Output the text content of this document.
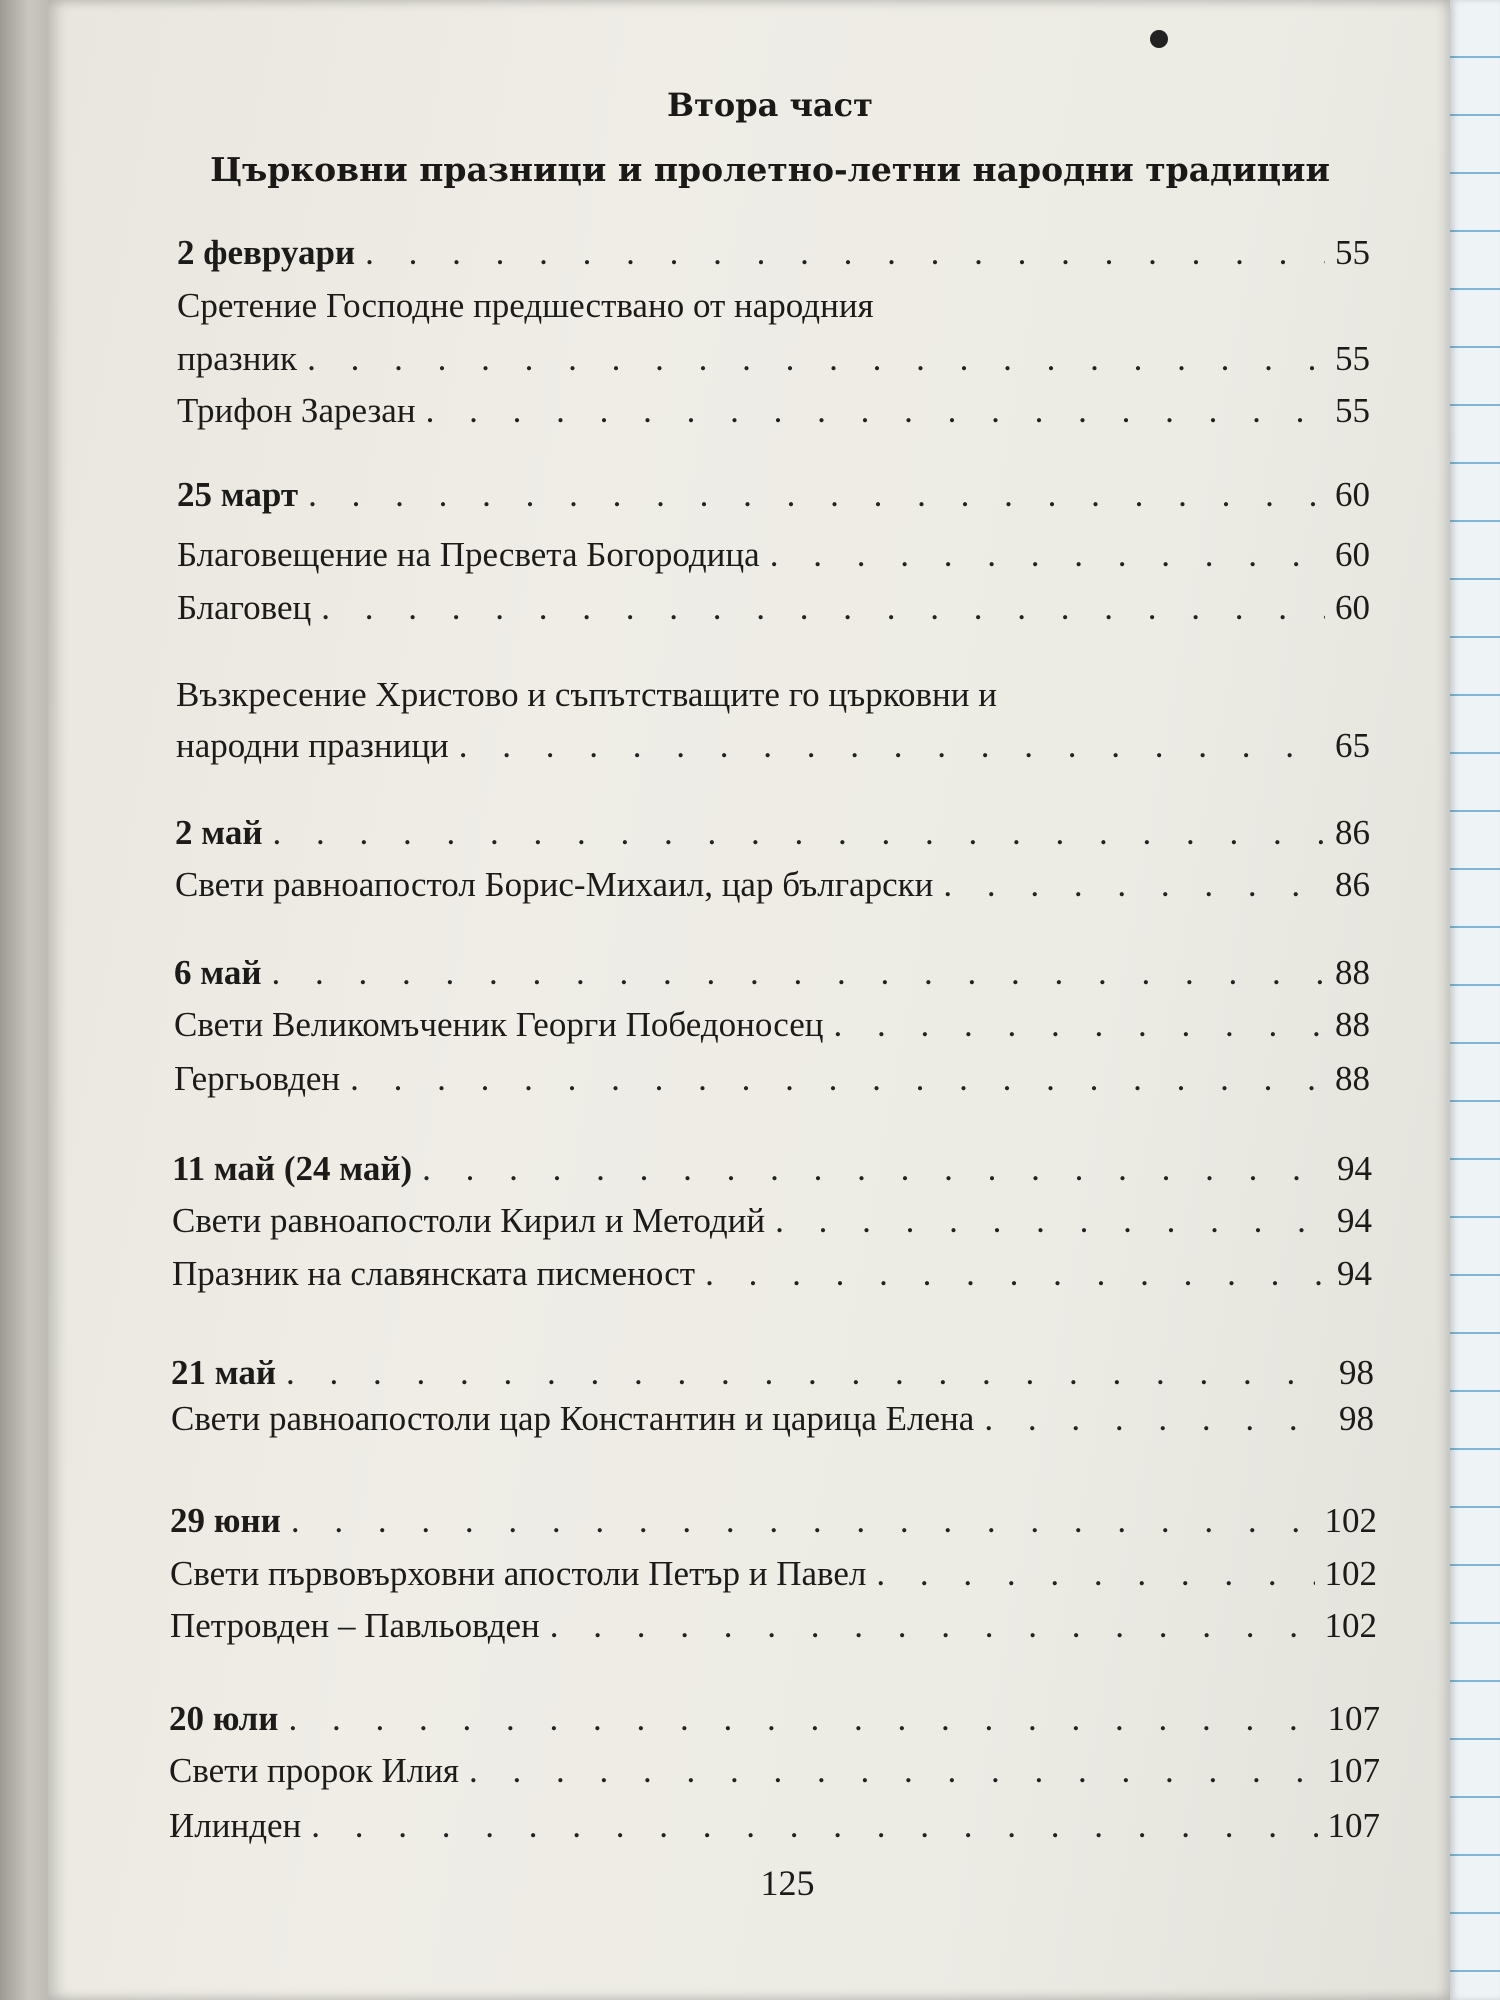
Втора част
Църковни празници и пролетно-летни народни традиции
2 февруари . . .	55
Сретение Господне предшествано от народния
празник . . .	55
Трифон Зарезан . . .	55
25 март . . .	60
Благовещение на Пресвета Богородица . . .	60
Благовец . . .	60
Възкресение Христово и съпътстващите го църковни и
народни празници . . .	65
2 май . . .	86
Свети равноапостол Борис-Михаил, цар български . . .	86
6 май . . .	88
Свети Великомъченик Георги Победоносец . . .	88
Гергьовден . . .	88
11 май (24 май) . . .	94
Свети равноапостоли Кирил и Методий . . .	94
Празник на славянската писменост . . .	94
21 май . . .	98
Свети равноапостоли цар Константин и царица Елена . . .	98
29 юни . . .	102
Свети първовърховни апостоли Петър и Павел . . .	102
Петровден – Павльовден . . .	102
20 юли . . .	107
Свети пророк Илия . . .	107
Илинден . . .	107
125
